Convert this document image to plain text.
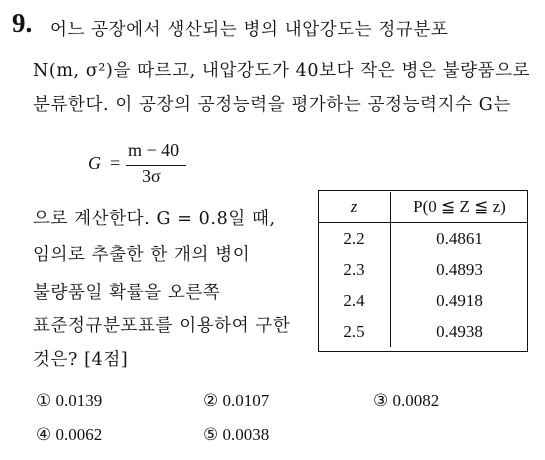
9. 어느 공장에서 생산되는 병의 내압강도는 정규분포
N(m, σ²)을 따르고, 내압강도가 40보다 작은 병은 불량품으로
분류한다. 이 공장의 공정능력을 평가하는 공정능력지수 G는
G =
m − 40
3σ
으로 계산한다. G = 0.8일 때,
임의로 추출한 한 개의 병이
불량품일 확률을 오른쪽
표준정규분포표를 이용하여 구한
것은? [4점]
z	P(0 ≦ Z ≦ z)
2.2	0.4861
2.3	0.4893
2.4	0.4918
2.5	0.4938
① 0.0139	② 0.0107	③ 0.0082
④ 0.0062	⑤ 0.0038
